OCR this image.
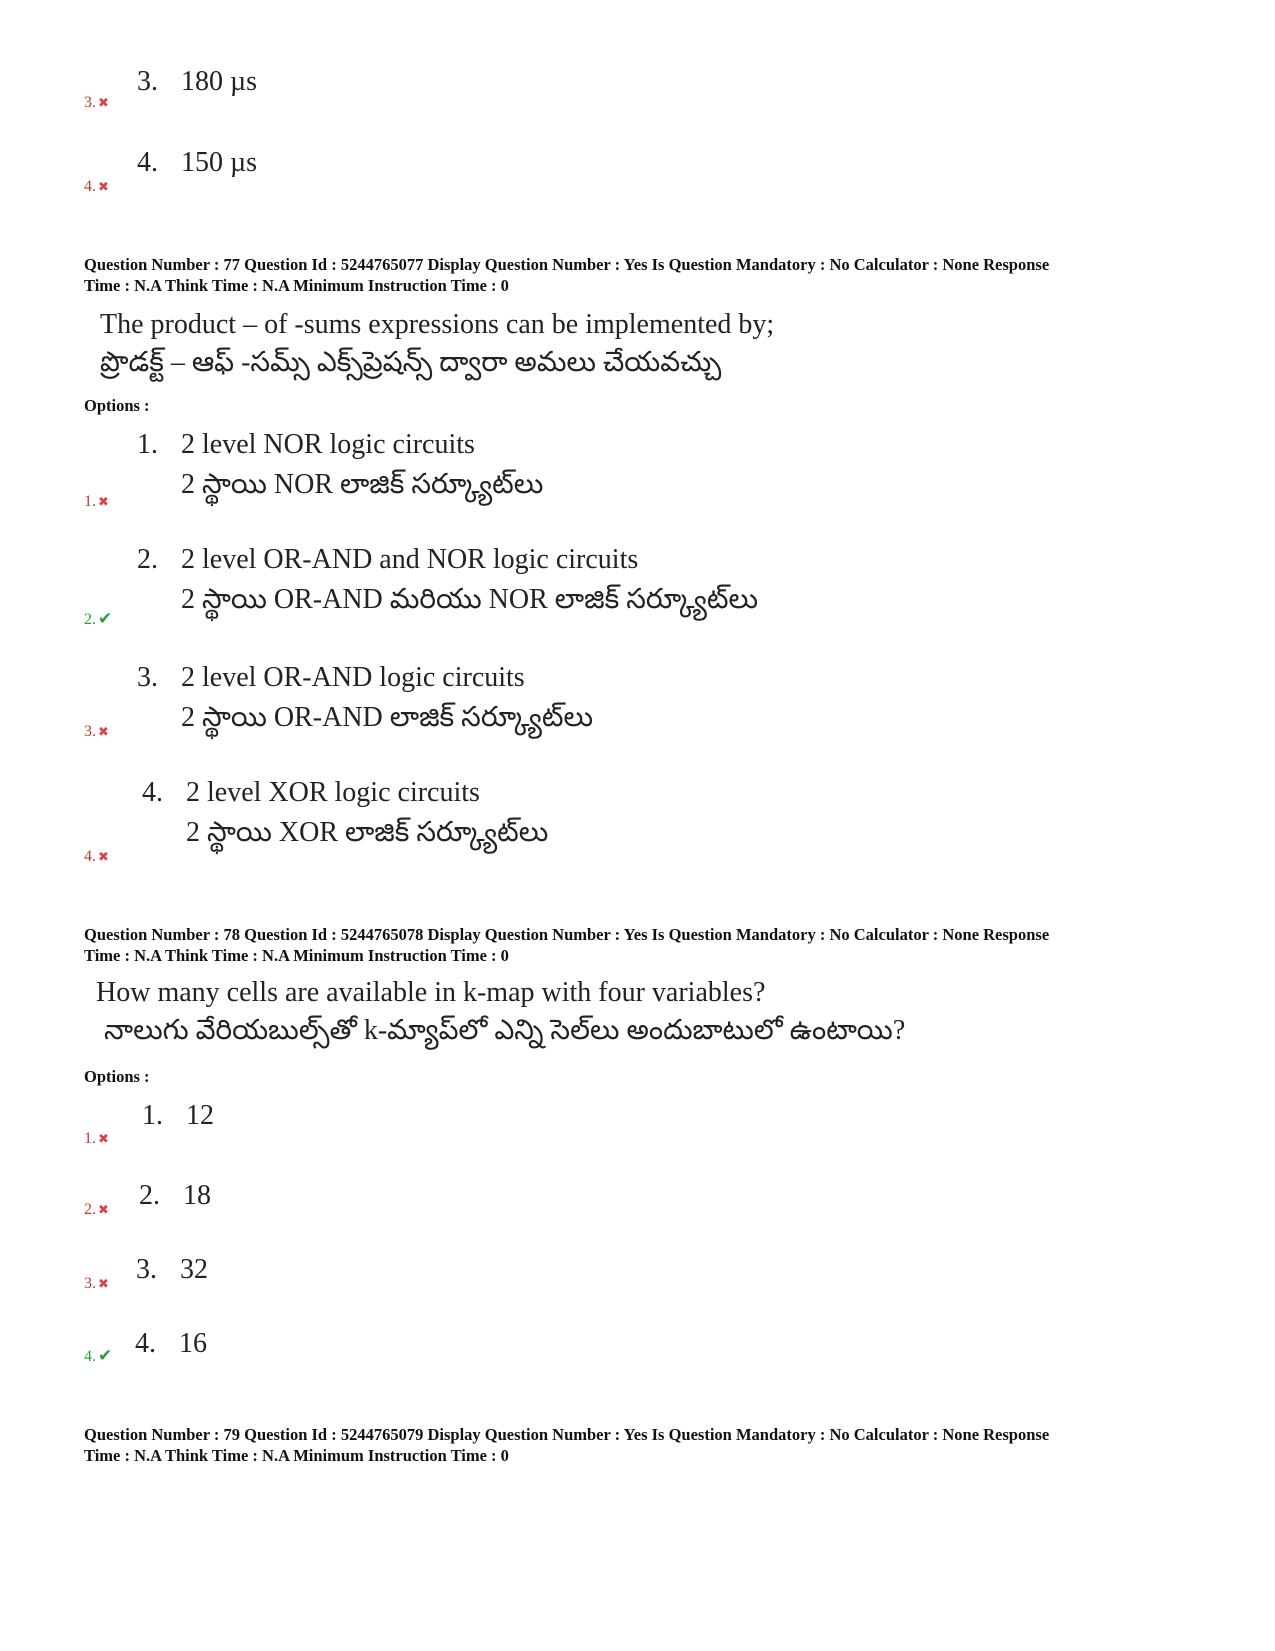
3. 180 µs
3. ✖
4. 150 µs
4. ✖
Question Number : 77 Question Id : 5244765077 Display Question Number : Yes Is Question Mandatory : No Calculator : None Response
Time : N.A Think Time : N.A Minimum Instruction Time : 0
The product – of -sums expressions can be implemented by;
ప్రొడక్ట్ – ఆఫ్ -సమ్స్ ఎక్స్‌ప్రెషన్స్ ద్వారా అమలు చేయవచ్చు
Options :
1. 2 level NOR logic circuits
2 స్థాయి NOR లాజిక్ సర్క్యూట్‌లు
1. ✖
2. 2 level OR-AND and NOR logic circuits
2 స్థాయి OR-AND మరియు NOR లాజిక్ సర్క్యూట్‌లు
2. ✔
3. 2 level OR-AND logic circuits
2 స్థాయి OR-AND లాజిక్ సర్క్యూట్‌లు
3. ✖
4. 2 level XOR logic circuits
2 స్థాయి XOR లాజిక్ సర్క్యూట్‌లు
4. ✖
Question Number : 78 Question Id : 5244765078 Display Question Number : Yes Is Question Mandatory : No Calculator : None Response
Time : N.A Think Time : N.A Minimum Instruction Time : 0
How many cells are available in k-map with four variables?
నాలుగు వేరియబుల్స్‌తో k-మ్యాప్‌లో ఎన్ని సెల్‌లు అందుబాటులో ఉంటాయి?
Options :
1. 12
1. ✖
2. 18
2. ✖
3. 32
3. ✖
4. 16
4. ✔
Question Number : 79 Question Id : 5244765079 Display Question Number : Yes Is Question Mandatory : No Calculator : None Response
Time : N.A Think Time : N.A Minimum Instruction Time : 0
